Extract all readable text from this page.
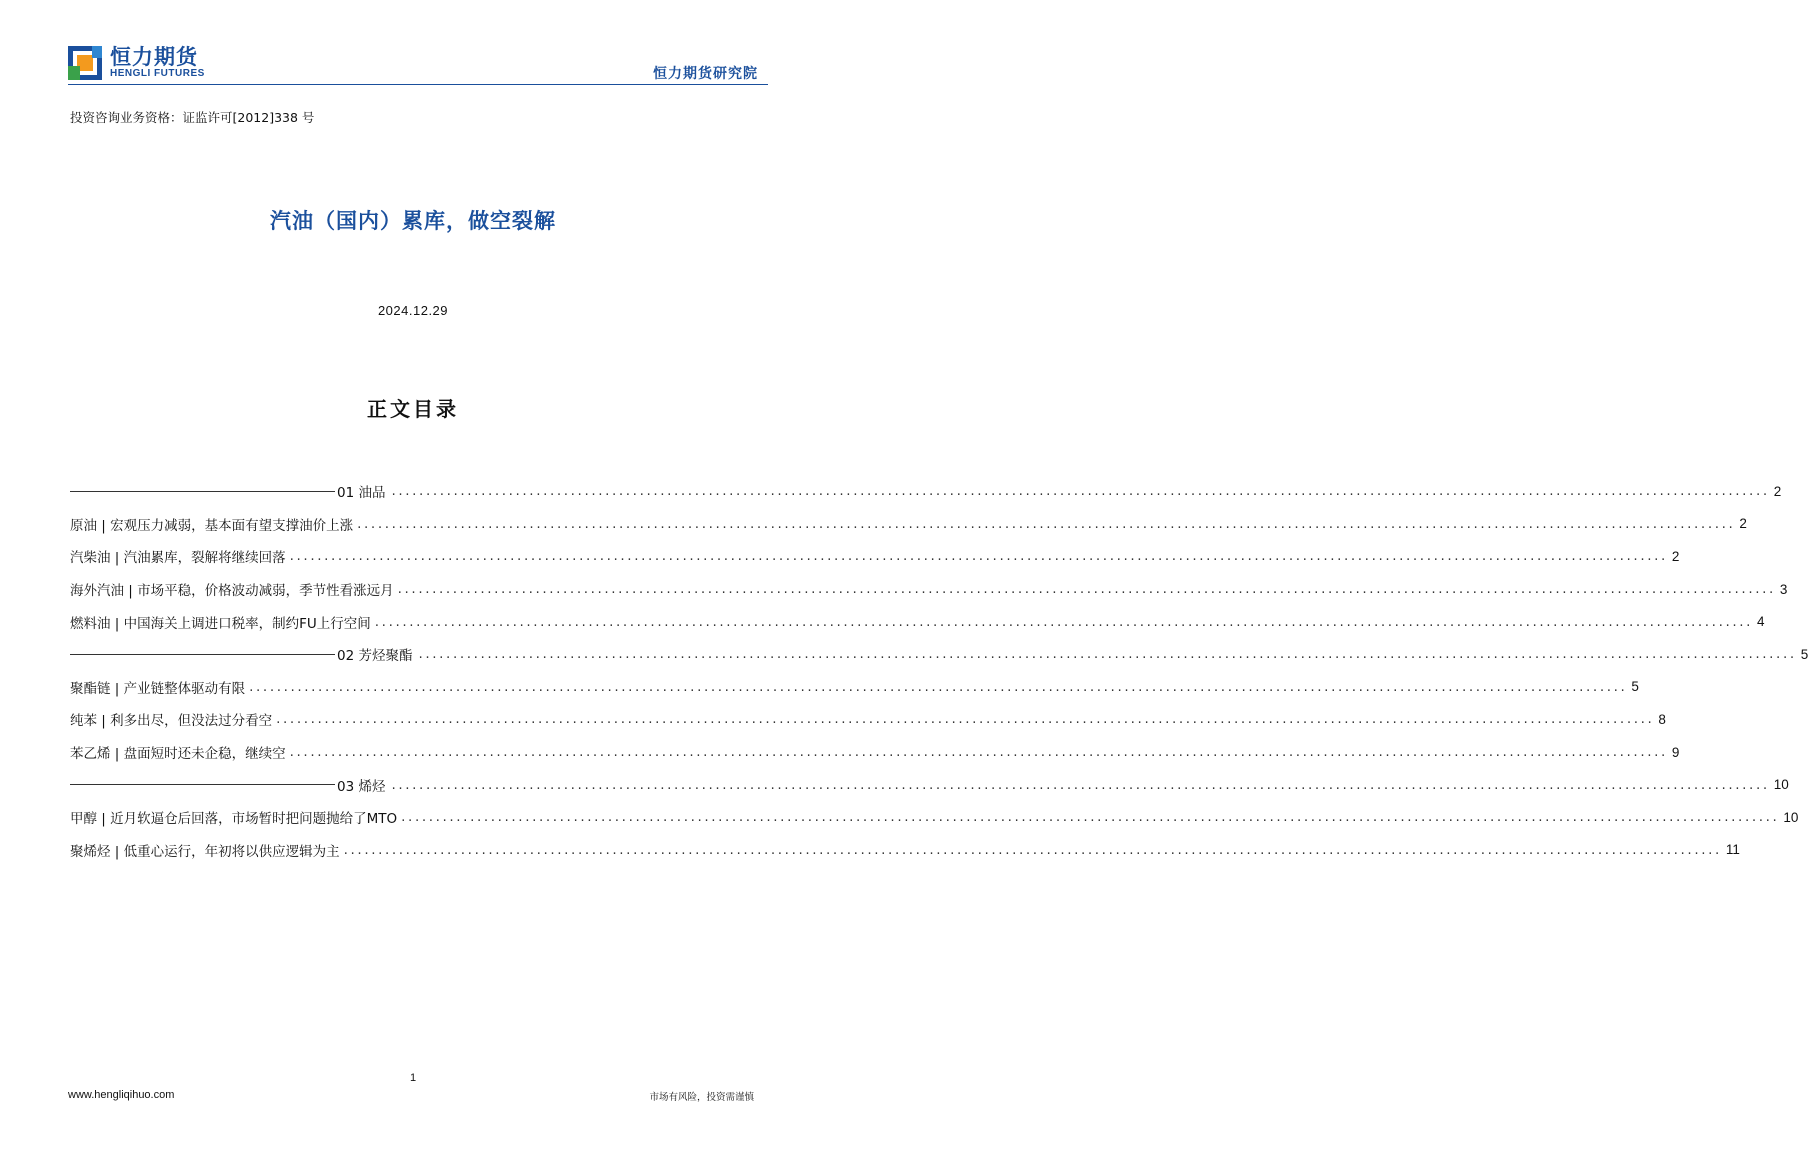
恒力期货
HENGLI FUTURES	恒力期货研究院
投资咨询业务资格：证监许可[2012]338 号
汽油（国内）累库，做空裂解
2024.12.29
正文目录
01 油品 ........................................................................................................................................................................................................ 2
原油 | 宏观压力减弱，基本面有望支撑油价上涨 ........................................................................................................................................................................................................ 2
汽柴油 | 汽油累库，裂解将继续回落 ........................................................................................................................................................................................................ 2
海外汽油 | 市场平稳，价格波动减弱，季节性看涨远月 ........................................................................................................................................................................................................ 3
燃料油 | 中国海关上调进口税率，制约FU上行空间 ........................................................................................................................................................................................................ 4
02 芳烃聚酯 ........................................................................................................................................................................................................ 5
聚酯链 | 产业链整体驱动有限 ........................................................................................................................................................................................................ 5
纯苯 | 利多出尽，但没法过分看空 ........................................................................................................................................................................................................ 8
苯乙烯 | 盘面短时还未企稳，继续空 ........................................................................................................................................................................................................ 9
03 烯烃 ........................................................................................................................................................................................................ 10
甲醇 | 近月软逼仓后回落，市场暂时把问题抛给了MTO ........................................................................................................................................................................................................ 10
聚烯烃 | 低重心运行，年初将以供应逻辑为主 ........................................................................................................................................................................................................ 11
1
www.hengliqihuo.com	市场有风险，投资需谨慎
